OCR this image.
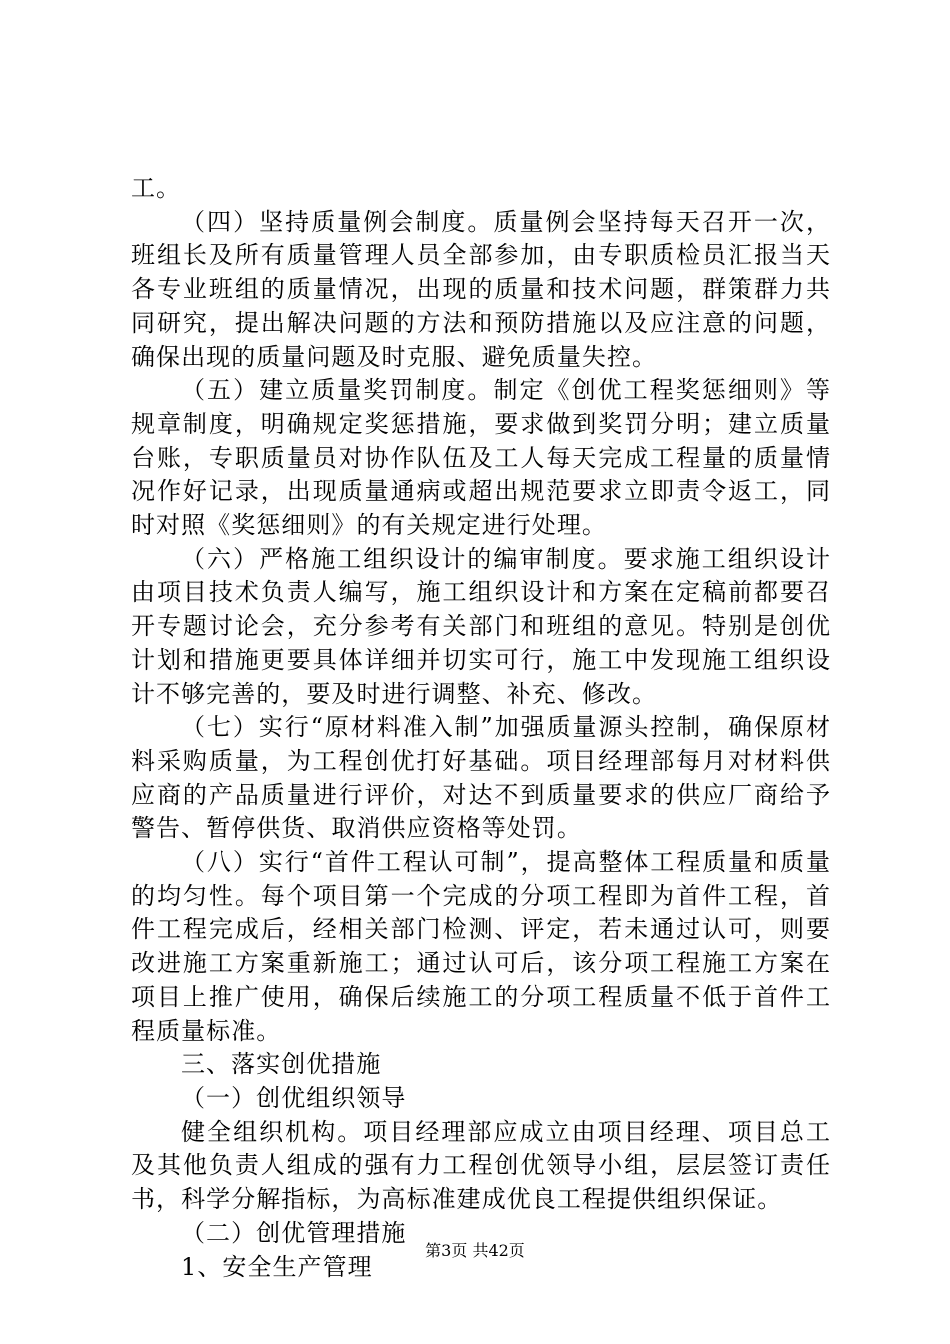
工。

（四）坚持质量例会制度。质量例会坚持每天召开一次，班组长及所有质量管理人员全部参加，由专职质检员汇报当天各专业班组的质量情况，出现的质量和技术问题，群策群力共同研究，提出解决问题的方法和预防措施以及应注意的问题，确保出现的质量问题及时克服、避免质量失控。

（五）建立质量奖罚制度。制定《创优工程奖惩细则》等规章制度，明确规定奖惩措施，要求做到奖罚分明；建立质量台账，专职质量员对协作队伍及工人每天完成工程量的质量情况作好记录，出现质量通病或超出规范要求立即责令返工，同时对照《奖惩细则》的有关规定进行处理。

（六）严格施工组织设计的编审制度。要求施工组织设计由项目技术负责人编写，施工组织设计和方案在定稿前都要召开专题讨论会，充分参考有关部门和班组的意见。特别是创优计划和措施更要具体详细并切实可行，施工中发现施工组织设计不够完善的，要及时进行调整、补充、修改。

（七）实行“原材料准入制”加强质量源头控制，确保原材料采购质量，为工程创优打好基础。项目经理部每月对材料供应商的产品质量进行评价，对达不到质量要求的供应厂商给予警告、暂停供货、取消供应资格等处罚。

（八）实行“首件工程认可制”，提高整体工程质量和质量的均匀性。每个项目第一个完成的分项工程即为首件工程，首件工程完成后，经相关部门检测、评定，若未通过认可，则要改进施工方案重新施工；通过认可后，该分项工程施工方案在项目上推广使用，确保后续施工的分项工程质量不低于首件工程质量标准。

三、落实创优措施

（一）创优组织领导

健全组织机构。项目经理部应成立由项目经理、项目总工及其他负责人组成的强有力工程创优领导小组，层层签订责任书，科学分解指标，为高标准建成优良工程提供组织保证。

（二）创优管理措施

1、安全生产管理

第3页 共42页
